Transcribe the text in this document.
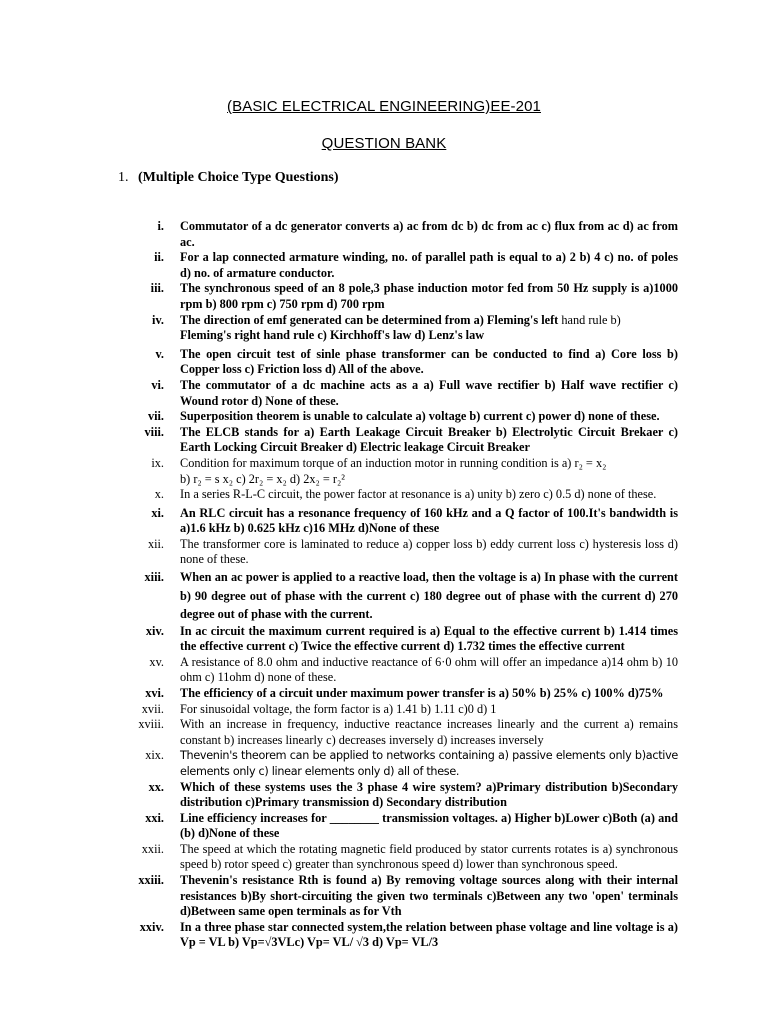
(BASIC ELECTRICAL ENGINEERING)EE-201
QUESTION BANK
1. (Multiple Choice Type Questions)
i. Commutator of a dc generator converts a) ac from dc b) dc from ac c) flux from ac d) ac from ac.
ii. For a lap connected armature winding, no. of parallel path is equal to a) 2 b) 4 c) no. of poles d) no. of armature conductor.
iii. The synchronous speed of an 8 pole,3 phase induction motor fed from 50 Hz supply is a)1000 rpm b) 800 rpm c) 750 rpm d) 700 rpm
iv. The direction of emf generated can be determined from a) Fleming's left hand rule b)
Fleming's right hand rule c) Kirchhoff's law d) Lenz's law
v. The open circuit test of sinle phase transformer can be conducted to find a) Core loss b) Copper loss c) Friction loss d) All of the above.
vi. The commutator of a dc machine acts as a a) Full wave rectifier b) Half wave rectifier c) Wound rotor d) None of these.
vii. Superposition theorem is unable to calculate a) voltage b) current c) power d) none of these.
viii. The ELCB stands for a) Earth Leakage Circuit Breaker b) Electrolytic Circuit Brekaer c) Earth Locking Circuit Breaker d) Electric leakage Circuit Breaker
ix. Condition for maximum torque of an induction motor in running condition is a) r₂ = x₂
b) r₂ = s x₂ c) 2r₂ = x₂ d) 2x₂ = r₂²
x. In a series R-L-C circuit, the power factor at resonance is a) unity b) zero c) 0.5 d) none of these.
xi. An RLC circuit has a resonance frequency of 160 kHz and a Q factor of 100.It's bandwidth is a)1.6 kHz b) 0.625 kHz c)16 MHz d)None of these
xii. The transformer core is laminated to reduce a) copper loss b) eddy current loss c) hysteresis loss d) none of these.
xiii. When an ac power is applied to a reactive load, then the voltage is a) In phase with the current b) 90 degree out of phase with the current c) 180 degree out of phase with the current d) 270 degree out of phase with the current.
xiv. In ac circuit the maximum current required is a) Equal to the effective current b) 1.414 times the effective current c) Twice the effective current d) 1.732 times the effective current
xv. A resistance of 8.0 ohm and inductive reactance of 6·0 ohm will offer an impedance a)14 ohm b) 10 ohm c) 11ohm d) none of these.
xvi. The efficiency of a circuit under maximum power transfer is a) 50% b) 25% c) 100% d)75%
xvii. For sinusoidal voltage, the form factor is a) 1.41 b) 1.11 c)0 d) 1
xviii. With an increase in frequency, inductive reactance increases linearly and the current a) remains constant b) increases linearly c) decreases inversely d) increases inversely
xix. Thevenin's theorem can be applied to networks containing a) passive elements only b)active elements only c) linear elements only d) all of these.
xx. Which of these systems uses the 3 phase 4 wire system? a)Primary distribution b)Secondary distribution c)Primary transmission d) Secondary distribution
xxi. Line efficiency increases for ________ transmission voltages. a) Higher b)Lower c)Both (a) and (b) d)None of these
xxii. The speed at which the rotating magnetic field produced by stator currents rotates is a) synchronous speed b) rotor speed c) greater than synchronous speed d) lower than synchronous speed.
xxiii. Thevenin's resistance Rth is found a) By removing voltage sources along with their internal resistances b)By short-circuiting the given two terminals c)Between any two 'open' terminals d)Between same open terminals as for Vth
xxiv. In a three phase star connected system,the relation between phase voltage and line voltage is a) Vp = VL b) Vp=√3VLc) Vp= VL/ √3 d) Vp= VL/3
